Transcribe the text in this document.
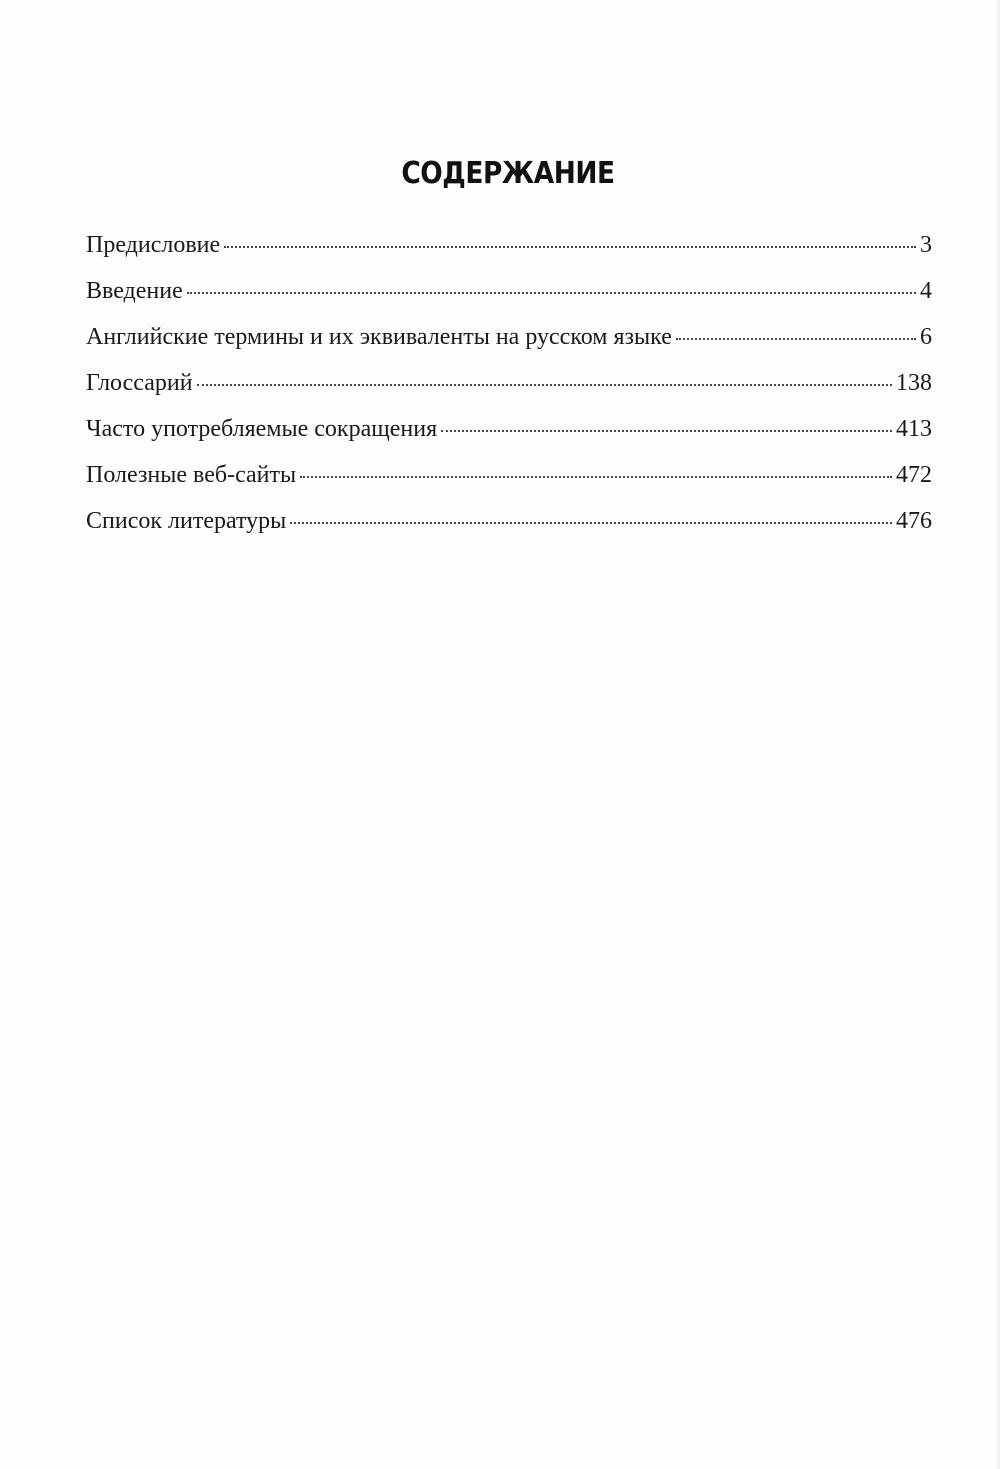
СОДЕРЖАНИЕ
Предисловие	3
Введение	4
Английские термины и их эквиваленты на русском языке	6
Глоссарий	138
Часто употребляемые сокращения	413
Полезные веб-сайты	472
Список литературы	476
